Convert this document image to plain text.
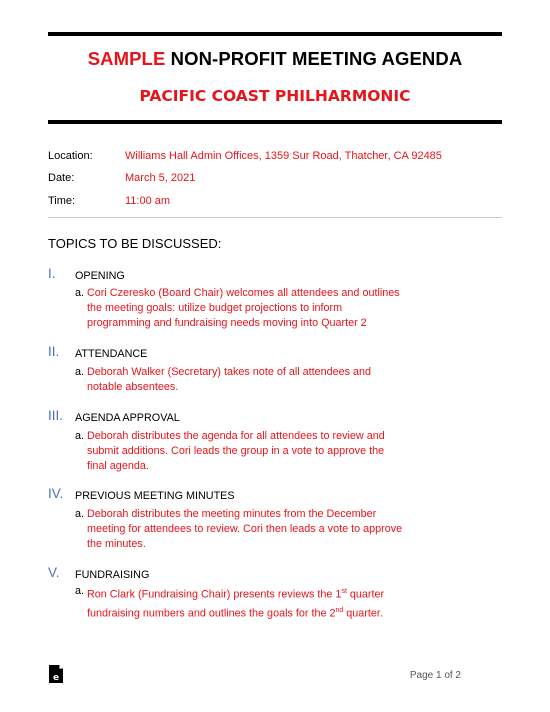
SAMPLE NON-PROFIT MEETING AGENDA
PACIFIC COAST PHILHARMONIC
Location:	Williams Hall Admin Offices, 1359 Sur Road, Thatcher, CA 92485
Date:	March 5, 2021
Time:	11:00 am
TOPICS TO BE DISCUSSED:
I.	OPENING
a. Cori Czeresko (Board Chair) welcomes all attendees and outlines
the meeting goals: utilize budget projections to inform
programming and fundraising needs moving into Quarter 2
II.	ATTENDANCE
a. Deborah Walker (Secretary) takes note of all attendees and
notable absentees.
III.	AGENDA APPROVAL
a. Deborah distributes the agenda for all attendees to review and
submit additions. Cori leads the group in a vote to approve the
final agenda.
IV.	PREVIOUS MEETING MINUTES
a. Deborah distributes the meeting minutes from the December
meeting for attendees to review. Cori then leads a vote to approve
the minutes.
V.	FUNDRAISING
a. Ron Clark (Fundraising Chair) presents reviews the 1st quarter
fundraising numbers and outlines the goals for the 2nd quarter.
e	Page 1 of 2
